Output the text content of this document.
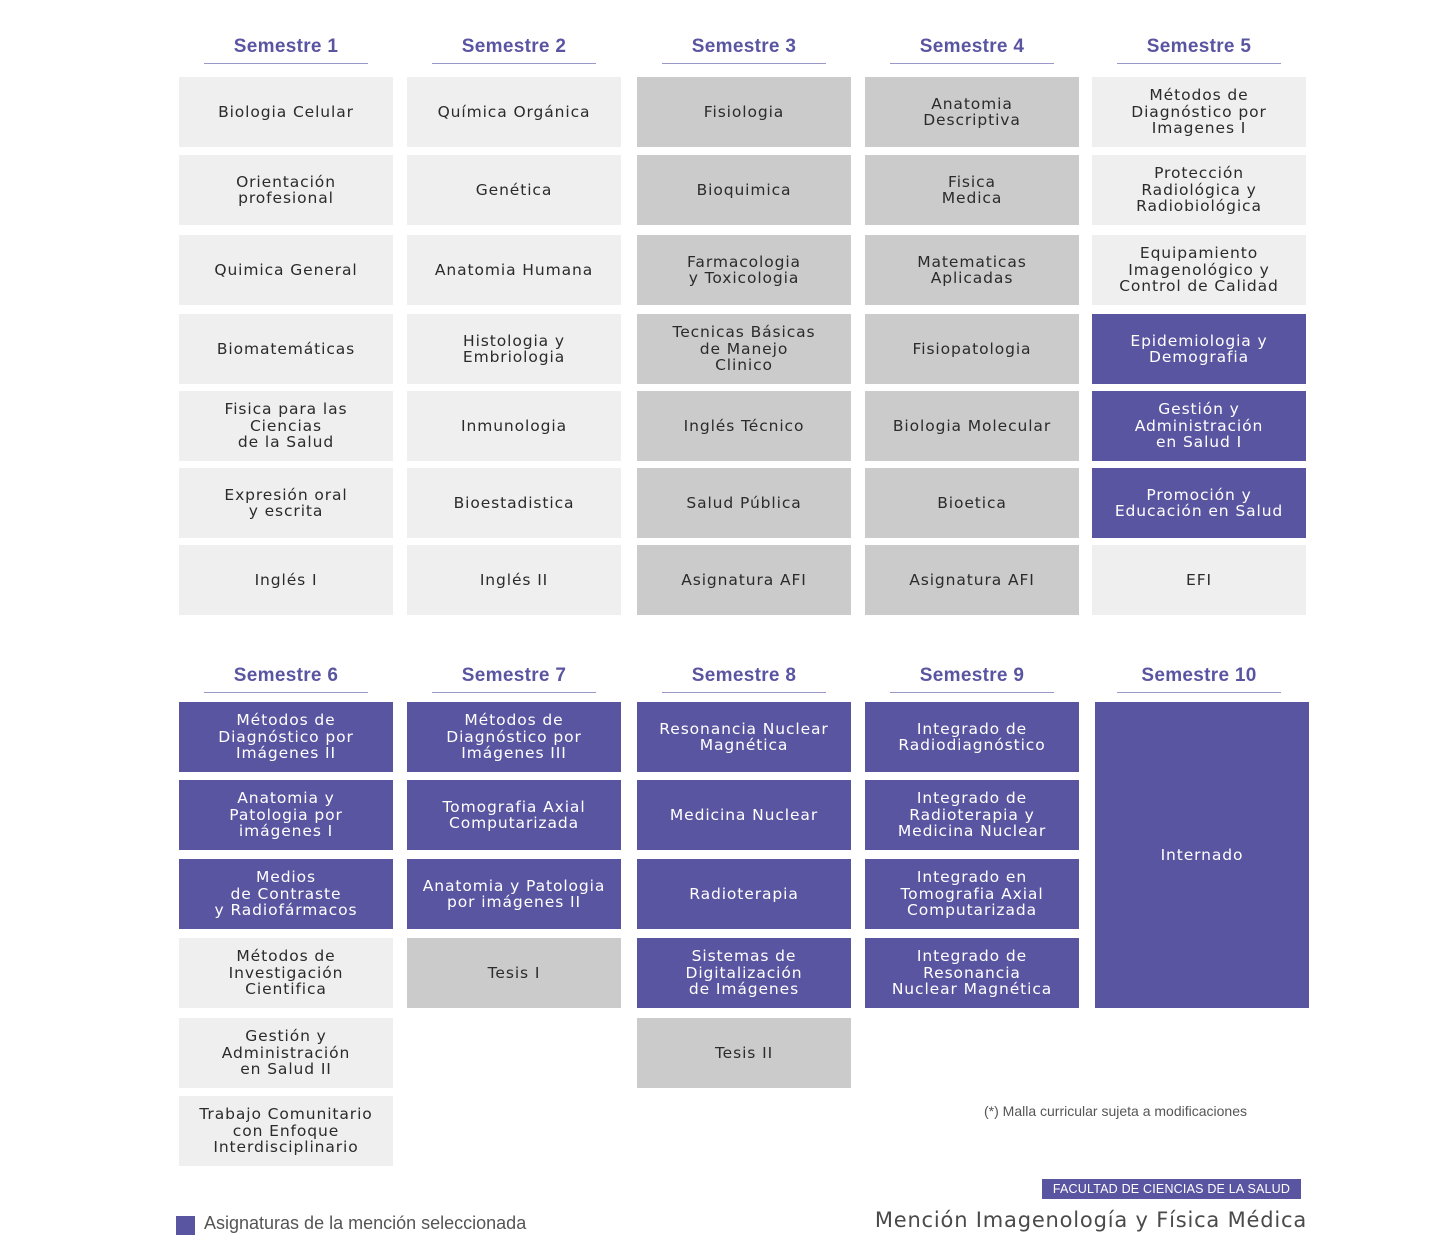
Semestre 1
Biologia Celular
Orientación
profesional
Quimica General
Biomatemáticas
Fisica para las
Ciencias
de la Salud
Expresión oral
y escrita
Inglés I
Semestre 2
Química Orgánica
Genética
Anatomia Humana
Histologia y
Embriologia
Inmunologia
Bioestadistica
Inglés II
Semestre 3
Fisiologia
Bioquimica
Farmacologia
y Toxicologia
Tecnicas Básicas
de Manejo
Clinico
Inglés Técnico
Salud Pública
Asignatura AFI
Semestre 4
Anatomia
Descriptiva
Fisica
Medica
Matematicas
Aplicadas
Fisiopatologia
Biologia Molecular
Bioetica
Asignatura AFI
Semestre 5
Métodos de
Diagnóstico por
Imagenes I
Protección
Radiológica y
Radiobiológica
Equipamiento
Imagenológico y
Control de Calidad
Epidemiologia y
Demografia
Gestión y
Administración
en Salud I
Promoción y
Educación en Salud
EFI
Semestre 6
Métodos de
Diagnóstico por
Imágenes II
Anatomia y
Patologia por
imágenes I
Medios
de Contraste
y Radiofármacos
Métodos de
Investigación
Cientifica
Gestión y
Administración
en Salud II
Trabajo Comunitario
con Enfoque
Interdisciplinario
Semestre 7
Métodos de
Diagnóstico por
Imágenes III
Tomografia Axial
Computarizada
Anatomia y Patologia
por imágenes II
Tesis I
Semestre 8
Resonancia Nuclear
Magnética
Medicina Nuclear
Radioterapia
Sistemas de
Digitalización
de Imágenes
Tesis II
Semestre 9
Integrado de
Radiodiagnóstico
Integrado de
Radioterapia y
Medicina Nuclear
Integrado en
Tomografia Axial
Computarizada
Integrado de
Resonancia
Nuclear Magnética
Semestre 10
Internado
(*) Malla curricular sujeta a modificaciones
FACULTAD DE CIENCIAS DE LA SALUD
Mención Imagenología y Física Médica
Asignaturas de la mención seleccionada
